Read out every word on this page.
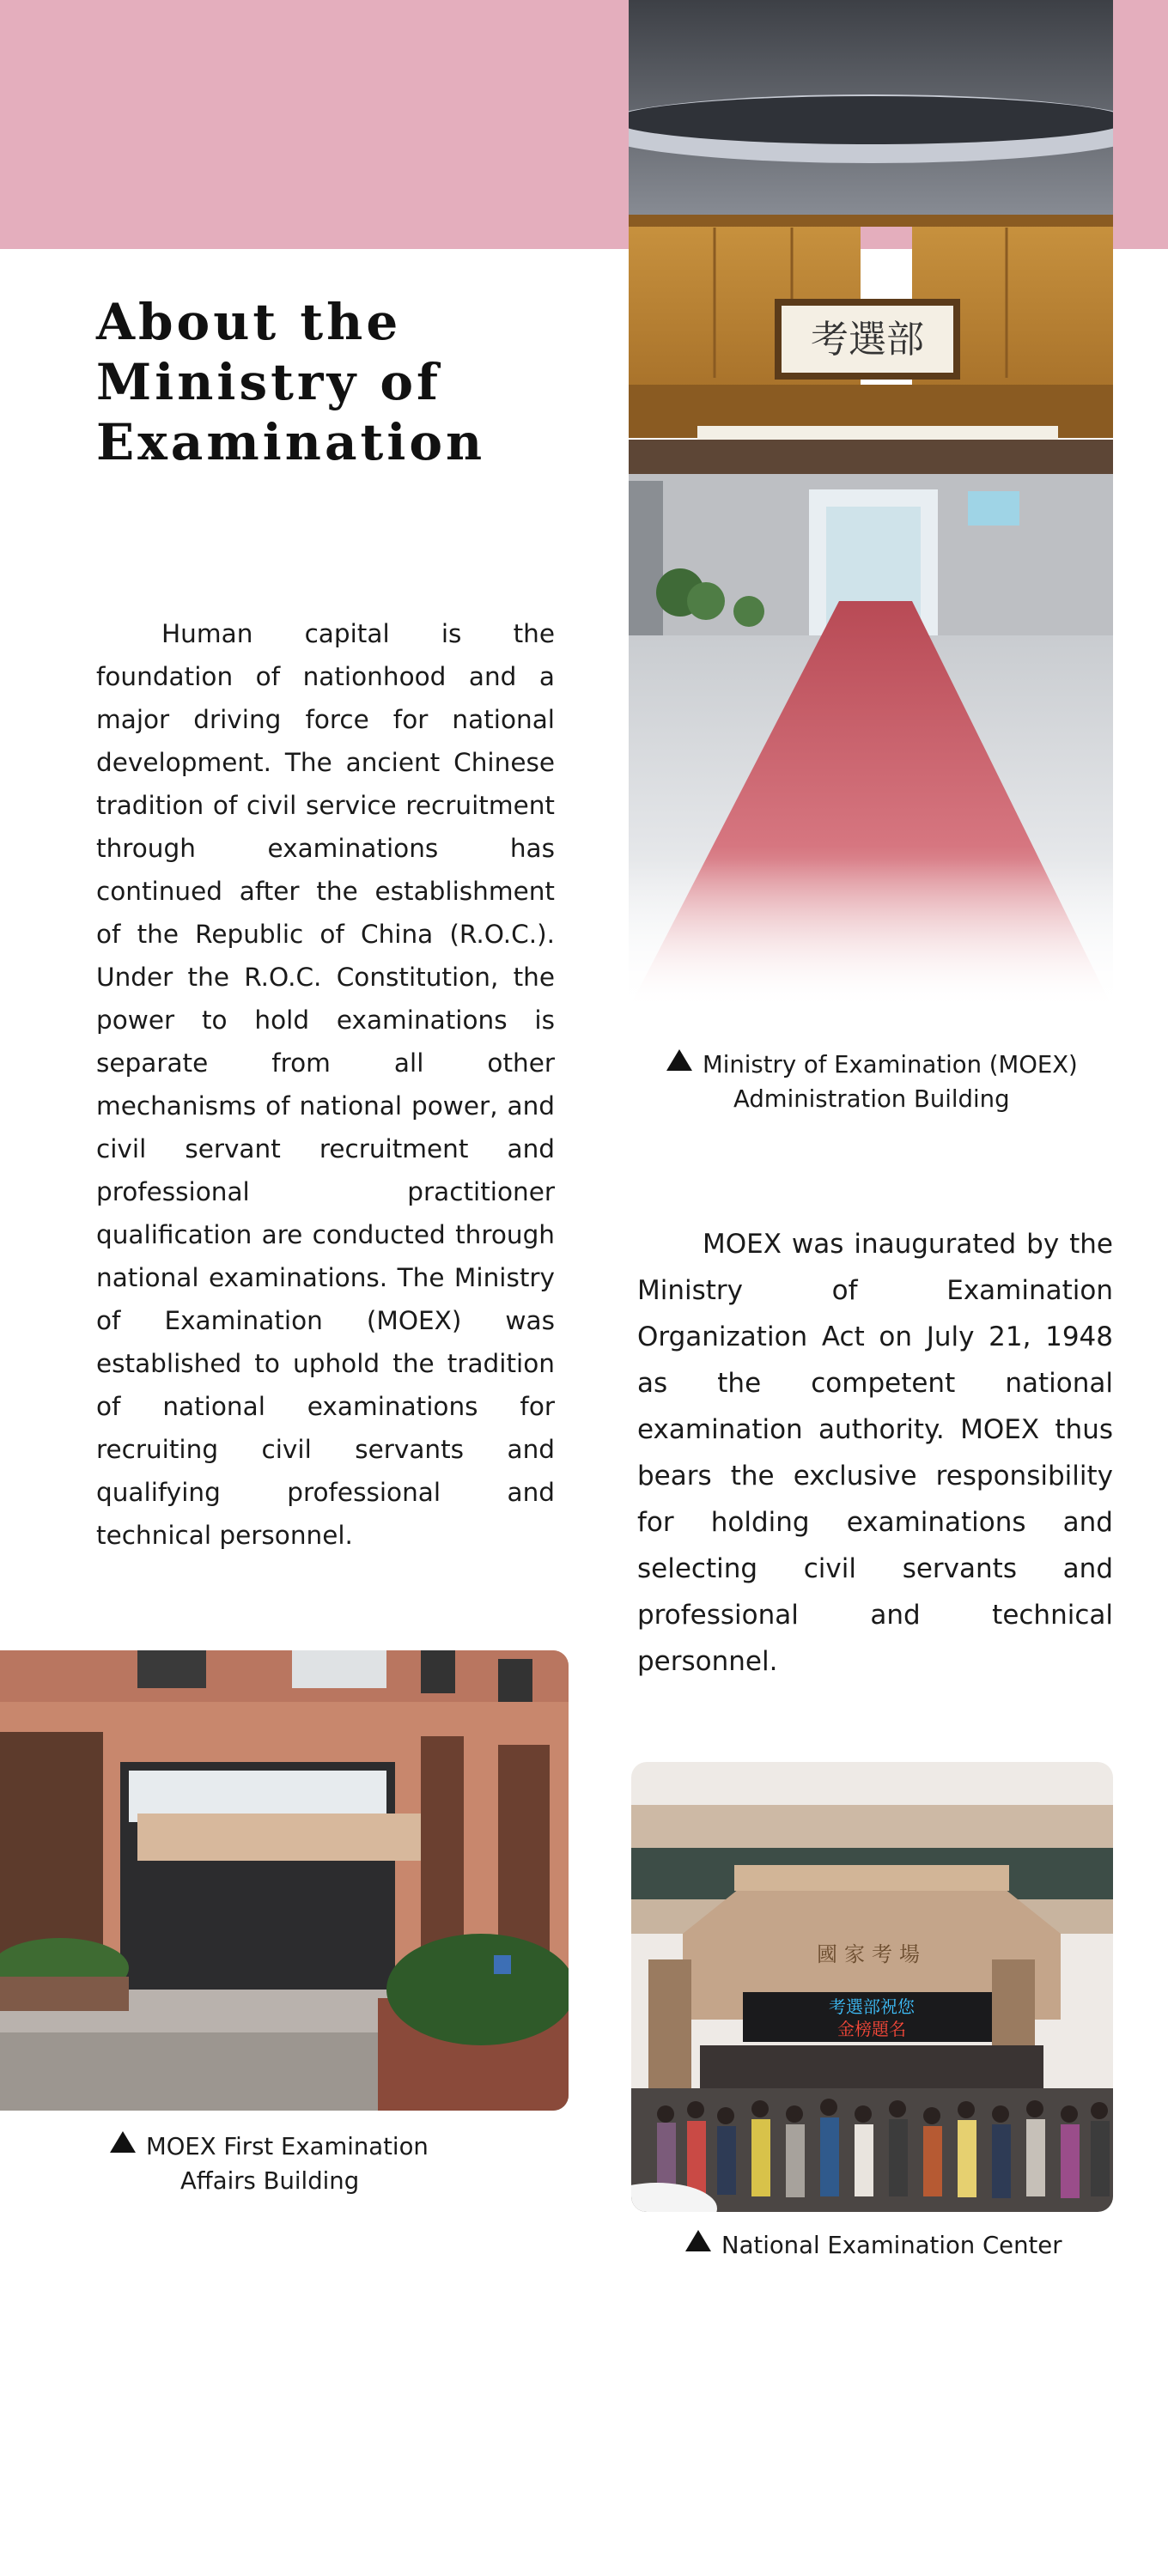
考選部
About the Ministry of Examination

Human capital is the foundation of nationhood and a major driving force for national development. The ancient Chinese tradition of civil service recruitment through examinations has continued after the establishment of the Republic of China (R.O.C.). Under the R.O.C. Constitution, the power to hold examinations is separate from all other mechanisms of national power, and civil servant recruitment and professional practitioner qualification are conducted through national examinations. The Ministry of Examination (MOEX) was established to uphold the tradition of national examinations for recruiting civil servants and qualifying professional and technical personnel.

Ministry of Examination (MOEX)
Administration Building

MOEX was inaugurated by the Ministry of Examination Organization Act on July 21, 1948 as the competent national examination authority. MOEX thus bears the exclusive responsibility for holding examinations and selecting civil servants and professional and technical personnel.

MOEX First Examination
Affairs Building
國家考場
考選部祝您
金榜題名
National Examination Center
